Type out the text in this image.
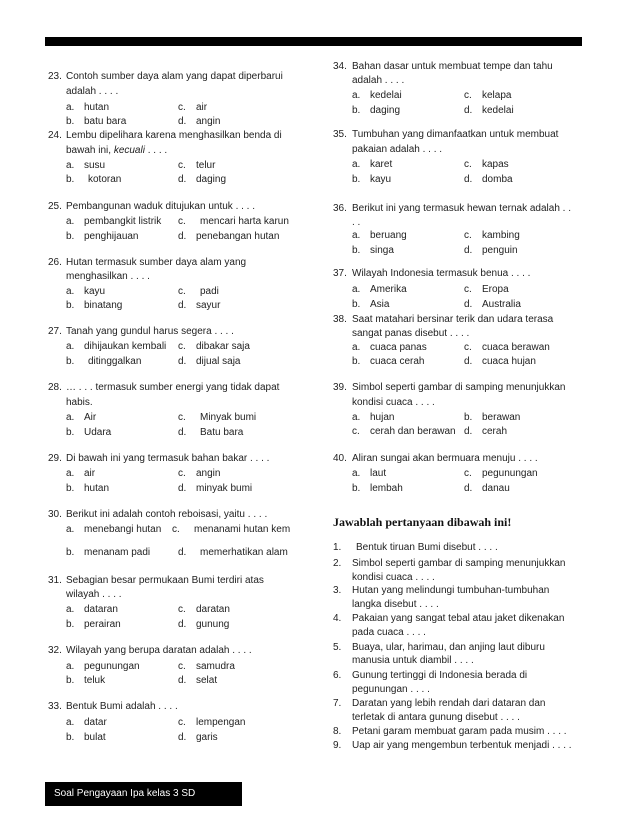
23. Contoh sumber daya alam yang dapat diperbarui
adalah . . . .
a. hutan	c. air
b. batu bara	d. angin
24. Lembu dipelihara karena menghasilkan benda di
bawah ini, kecuali . . . .
a. susu	c. telur
b. kotoran	d. daging
25. Pembangunan waduk ditujukan untuk . . . .
a. pembangkit listrik c. mencari harta karun
b. penghijauan	d. penebangan hutan
26. Hutan termasuk sumber daya alam yang
menghasilkan . . . .
a. kayu	c. padi
b. binatang	d. sayur
27. Tanah yang gundul harus segera . . . .
a. dihijaukan kembali c. dibakar saja
b. ditinggalkan	d. dijual saja
28. … . . . termasuk sumber energi yang tidak dapat
habis.
a. Air	c. Minyak bumi
b. Udara	d. Batu bara
29. Di bawah ini yang termasuk bahan bakar . . . .
a. air	c. angin
b. hutan	d. minyak bumi
30. Berikut ini adalah contoh reboisasi, yaitu . . . .
a. menebangi hutan c. menanami hutan kem
b. menanam padi	d. memerhatikan alam
31. Sebagian besar permukaan Bumi terdiri atas
wilayah . . . .
a. dataran	c. daratan
b. perairan	d. gunung
32. Wilayah yang berupa daratan adalah . . . .
a. pegunungan	c. samudra
b. teluk	d. selat
33. Bentuk Bumi adalah . . . .
a. datar	c. lempengan
b. bulat	d. garis
34. Bahan dasar untuk membuat tempe dan tahu
adalah . . . .
a. kedelai	c. kelapa
b. daging	d. kedelai
35. Tumbuhan yang dimanfaatkan untuk membuat
pakaian adalah . . . .
a. karet	c. kapas
b. kayu	d. domba
36. Berikut ini yang termasuk hewan ternak adalah . .
. .
a. beruang	c. kambing
b. singa	d. penguin
37. Wilayah Indonesia termasuk benua . . . .
a. Amerika	c. Eropa
b. Asia	d. Australia
38. Saat matahari bersinar terik dan udara terasa
sangat panas disebut . . . .
a. cuaca panas	c. cuaca berawan
b. cuaca cerah	d. cuaca hujan
39. Simbol seperti gambar di samping menunjukkan
kondisi cuaca . . . .
a. hujan	b. berawan
c. cerah dan berawan d. cerah
40. Aliran sungai akan bermuara menuju . . . .
a. laut	c. pegunungan
b. lembah	d. danau
Jawablah pertanyaan dibawah ini!
1. Bentuk tiruan Bumi disebut . . . .
2. Simbol seperti gambar di samping menunjukkan
kondisi cuaca . . . .
3. Hutan yang melindungi tumbuhan-tumbuhan
langka disebut . . . .
4. Pakaian yang sangat tebal atau jaket dikenakan
pada cuaca . . . .
5. Buaya, ular, harimau, dan anjing laut diburu
manusia untuk diambil . . . .
6. Gunung tertinggi di Indonesia berada di
pegunungan . . . .
7. Daratan yang lebih rendah dari dataran dan
terletak di antara gunung disebut . . . .
8. Petani garam membuat garam pada musim . . . .
9. Uap air yang mengembun terbentuk menjadi . . . .
Soal Pengayaan Ipa kelas 3 SD
